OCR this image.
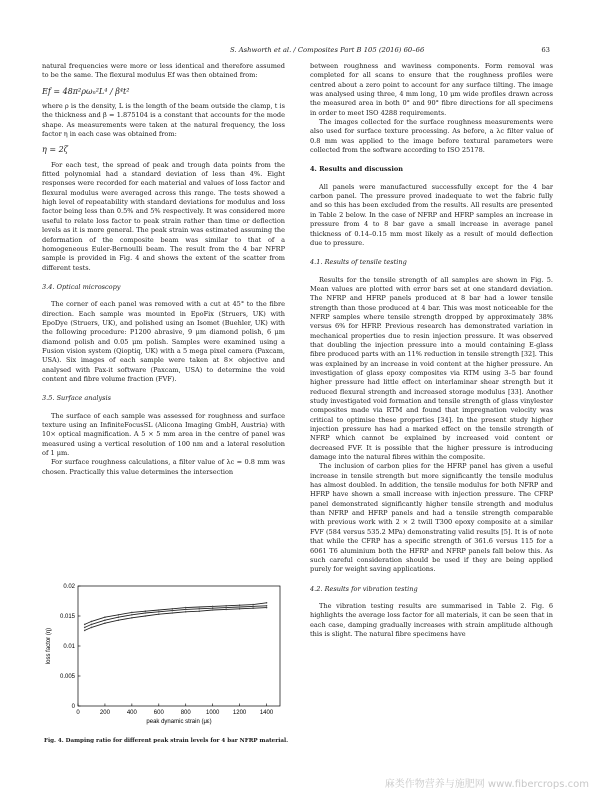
S. Ashworth et al. / Composites Part B 105 (2016) 60–66	63

natural frequencies were more or less identical and therefore assumed to be the same. The flexural modulus Ef was then obtained from:

Ef = 48π²ρωₙ²L⁴ / β⁴t²

where ρ is the density, L is the length of the beam outside the clamp, t is the thickness and β = 1.875104 is a constant that accounts for the mode shape. As measurements were taken at the natural frequency, the loss factor η in each case was obtained from:

η = 2ζ

For each test, the spread of peak and trough data points from the fitted polynomial had a standard deviation of less than 4%. Eight responses were recorded for each material and values of loss factor and flexural modulus were averaged across this range. The tests showed a high level of repeatability with standard deviations for modulus and loss factor being less than 0.5% and 5% respectively. It was considered more useful to relate loss factor to peak strain rather than time or deflection levels as it is more general. The peak strain was estimated assuming the deformation of the composite beam was similar to that of a homogeneous Euler-Bernoulli beam. The result from the 4 bar NFRP sample is provided in Fig. 4 and shows the extent of the scatter from different tests.

3.4. Optical microscopy

The corner of each panel was removed with a cut at 45° to the fibre direction. Each sample was mounted in EpoFix (Struers, UK) with EpoDye (Struers, UK), and polished using an Isomet (Buehler, UK) with the following procedure: P1200 abrasive, 9 μm diamond polish, 6 μm diamond polish and 0.05 μm polish. Samples were examined using a Fusion vision system (Qioptiq, UK) with a 5 mega pixel camera (Paxcam, USA). Six images of each sample were taken at 8× objective and analysed with Pax-it software (Paxcam, USA) to determine the void content and fibre volume fraction (FVF).

3.5. Surface analysis

The surface of each sample was assessed for roughness and surface texture using an InfiniteFocusSL (Alicona Imaging GmbH, Austria) with 10× optical magnification. A 5 × 5 mm area in the centre of panel was measured using a vertical resolution of 100 nm and a lateral resolution of 1 μm.

For surface roughness calculations, a filter value of λc = 0.8 mm was chosen. Practically this value determines the intersection

between roughness and waviness components. Form removal was completed for all scans to ensure that the roughness profiles were centred about a zero point to account for any surface tilting. The image was analysed using three, 4 mm long, 10 μm wide profiles drawn across the measured area in both 0° and 90° fibre directions for all specimens in order to meet ISO 4288 requirements.

The images collected for the surface roughness measurements were also used for surface texture processing. As before, a λc filter value of 0.8 mm was applied to the image before textural parameters were collected from the software according to ISO 25178.

4. Results and discussion

All panels were manufactured successfully except for the 4 bar carbon panel. The pressure proved inadequate to wet the fabric fully and so this has been excluded from the results. All results are presented in Table 2 below. In the case of NFRP and HFRP samples an increase in pressure from 4 to 8 bar gave a small increase in average panel thickness of 0.14–0.15 mm most likely as a result of mould deflection due to pressure.

4.1. Results of tensile testing

Results for the tensile strength of all samples are shown in Fig. 5. Mean values are plotted with error bars set at one standard deviation. The NFRP and HFRP panels produced at 8 bar had a lower tensile strength than those produced at 4 bar. This was most noticeable for the NFRP samples where tensile strength dropped by approximately 38% versus 6% for HFRP. Previous research has demonstrated variation in mechanical properties due to resin injection pressure. It was observed that doubling the injection pressure into a mould containing E-glass fibre produced parts with an 11% reduction in tensile strength [32]. This was explained by an increase in void content at the higher pressure. An investigation of glass epoxy composites via RTM using 3–5 bar found higher pressure had little effect on interlaminar shear strength but it reduced flexural strength and increased storage modulus [33]. Another study investigated void formation and tensile strength of glass vinylester composites made via RTM and found that impregnation velocity was critical to optimise these properties [34]. In the present study higher injection pressure has had a marked effect on the tensile strength of NFRP which cannot be explained by increased void content or decreased FVF. It is possible that the higher pressure is introducing damage into the natural fibres within the composite.

The inclusion of carbon plies for the HFRP panel has given a useful increase in tensile strength but more significantly the tensile modulus has almost doubled. In addition, the tensile modulus for both NFRP and HFRP have shown a small increase with injection pressure. The CFRP panel demonstrated significantly higher tensile strength and modulus than NFRP and HFRP panels and had a tensile strength comparable with previous work with 2 × 2 twill T300 epoxy composite at a similar FVF (584 versus 535.2 MPa) demonstrating valid results [5]. It is of note that while the CFRP has a specific strength of 361.6 versus 115 for a 6061 T6 aluminium both the HFRP and NFRP panels fall below this. As such careful consideration should be used if they are being applied purely for weight saving applications.

4.2. Results for vibration testing

The vibration testing results are summarised in Table 2. Fig. 6 highlights the average loss factor for all materials, it can be seen that in each case, damping gradually increases with strain amplitude although this is slight. The natural fibre specimens have

0	200	400	600	800	1000 1200 1400
0
0.005
0.01
0.015
0.02
peak dynamic strain (με)
loss factor (η)
Fig. 4. Damping ratio for different peak strain levels for 4 bar NFRP material.
麻类作物营养与施肥网 www.fibercrops.com
